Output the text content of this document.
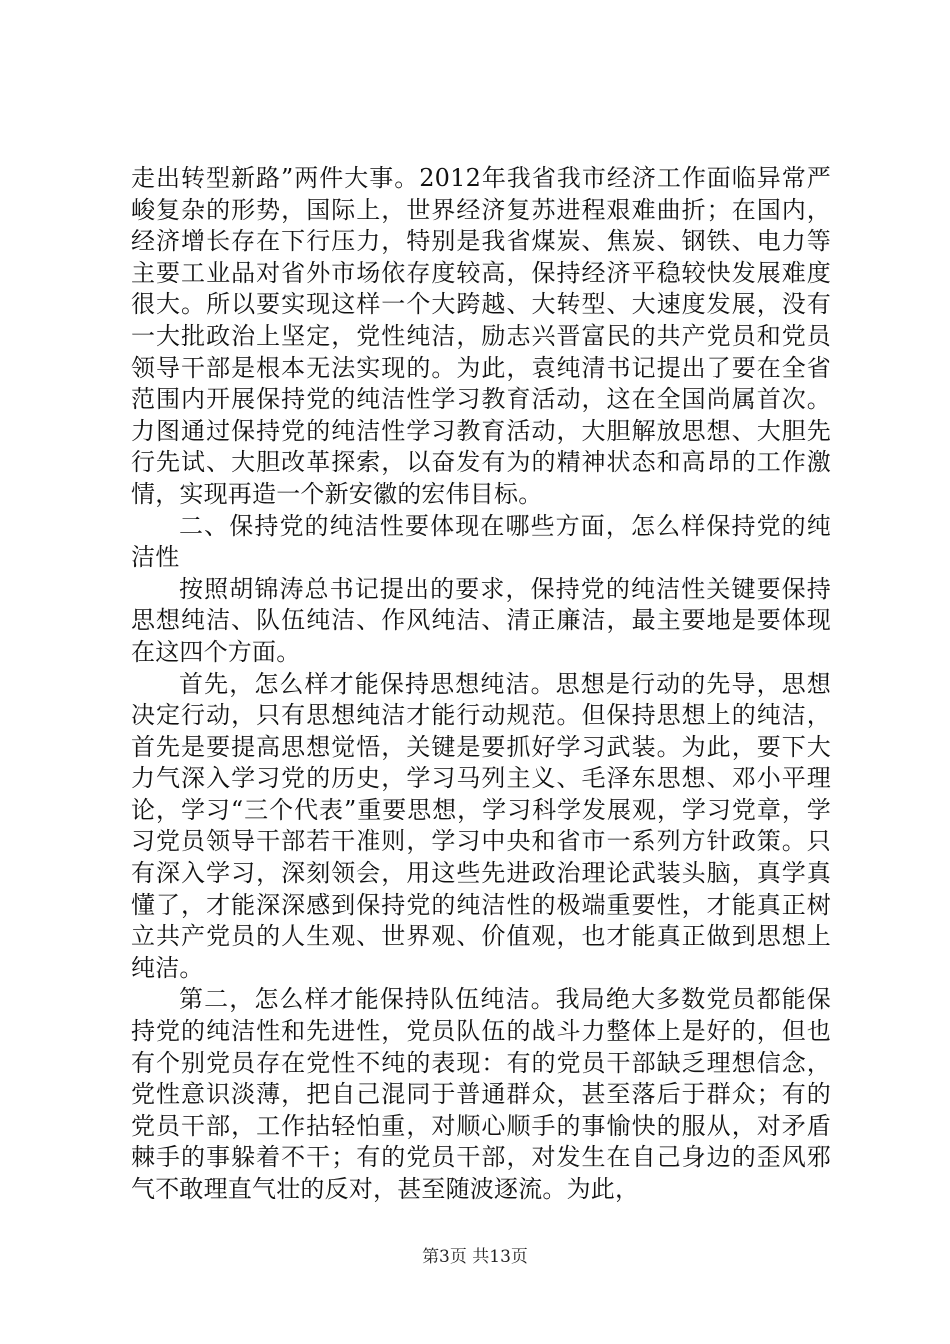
走出转型新路”两件大事。2012年我省我市经济工作面临异常严峻复杂的形势，国际上，世界经济复苏进程艰难曲折；在国内，经济增长存在下行压力，特别是我省煤炭、焦炭、钢铁、电力等主要工业品对省外市场依存度较高，保持经济平稳较快发展难度很大。所以要实现这样一个大跨越、大转型、大速度发展，没有一大批政治上坚定，党性纯洁，励志兴晋富民的共产党员和党员领导干部是根本无法实现的。为此，袁纯清书记提出了要在全省范围内开展保持党的纯洁性学习教育活动，这在全国尚属首次。力图通过保持党的纯洁性学习教育活动，大胆解放思想、大胆先行先试、大胆改革探索，以奋发有为的精神状态和高昂的工作激情，实现再造一个新安徽的宏伟目标。

二、保持党的纯洁性要体现在哪些方面，怎么样保持党的纯洁性

按照胡锦涛总书记提出的要求，保持党的纯洁性关键要保持思想纯洁、队伍纯洁、作风纯洁、清正廉洁，最主要地是要体现在这四个方面。

首先，怎么样才能保持思想纯洁。思想是行动的先导，思想决定行动，只有思想纯洁才能行动规范。但保持思想上的纯洁，首先是要提高思想觉悟，关键是要抓好学习武装。为此，要下大力气深入学习党的历史，学习马列主义、毛泽东思想、邓小平理论，学习“三个代表”重要思想，学习科学发展观，学习党章，学习党员领导干部若干准则，学习中央和省市一系列方针政策。只有深入学习，深刻领会，用这些先进政治理论武装头脑，真学真懂了，才能深深感到保持党的纯洁性的极端重要性，才能真正树立共产党员的人生观、世界观、价值观，也才能真正做到思想上纯洁。

第二，怎么样才能保持队伍纯洁。我局绝大多数党员都能保持党的纯洁性和先进性，党员队伍的战斗力整体上是好的，但也有个别党员存在党性不纯的表现：有的党员干部缺乏理想信念，党性意识淡薄，把自己混同于普通群众，甚至落后于群众；有的党员干部，工作拈轻怕重，对顺心顺手的事愉快的服从，对矛盾棘手的事躲着不干；有的党员干部，对发生在自己身边的歪风邪气不敢理直气壮的反对，甚至随波逐流。为此，

第3页 共13页
